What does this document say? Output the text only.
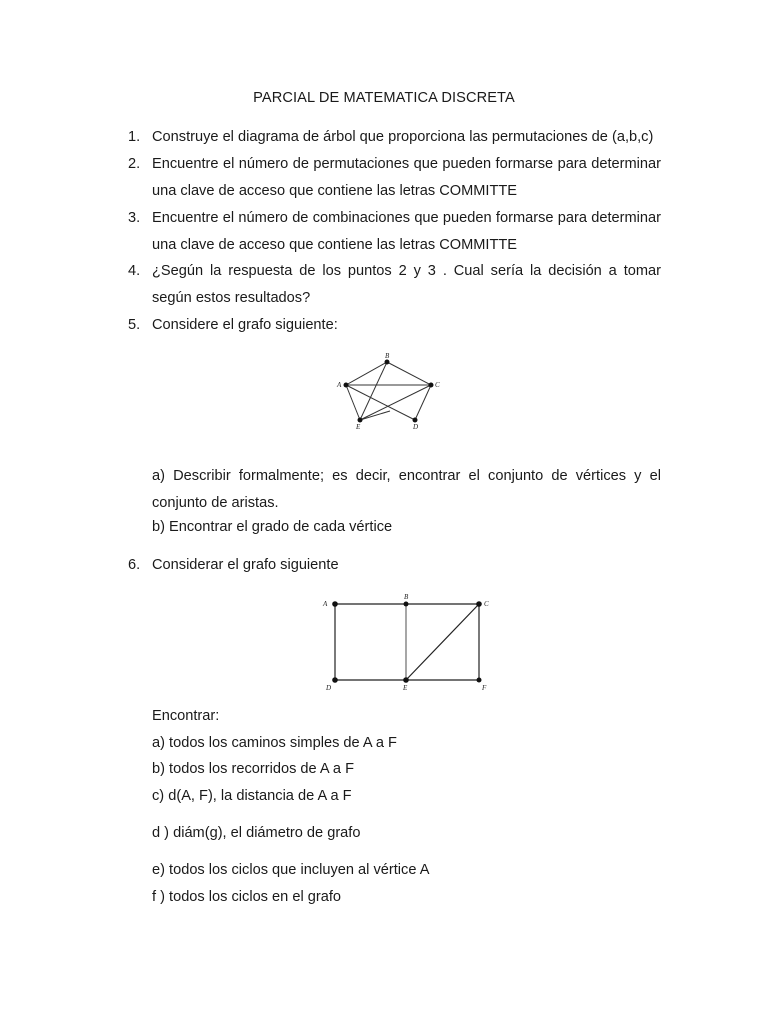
PARCIAL DE MATEMATICA DISCRETA
1. Construye el diagrama de árbol que proporciona las permutaciones de (a,b,c)
2. Encuentre el número de permutaciones que pueden formarse para determinar una clave de acceso que contiene las letras COMMITTE
3. Encuentre el número de combinaciones que pueden formarse para determinar una clave de acceso que contiene las letras COMMITTE
4. ¿Según la respuesta de los puntos 2 y 3 . Cual sería la decisión a tomar según estos resultados?
5. Considere el grafo siguiente:
A
B
C
D
E
a) Describir formalmente; es decir, encontrar el conjunto de vértices y el conjunto de aristas.
b) Encontrar el grado de cada vértice
6. Considerar el grafo siguiente
A
B
C
D	E	F
Encontrar:
a) todos los caminos simples de A a F
b) todos los recorridos de A a F
c) d(A, F), la distancia de A a F
d ) diám(g), el diámetro de grafo
e) todos los ciclos que incluyen al vértice A
f ) todos los ciclos en el grafo
